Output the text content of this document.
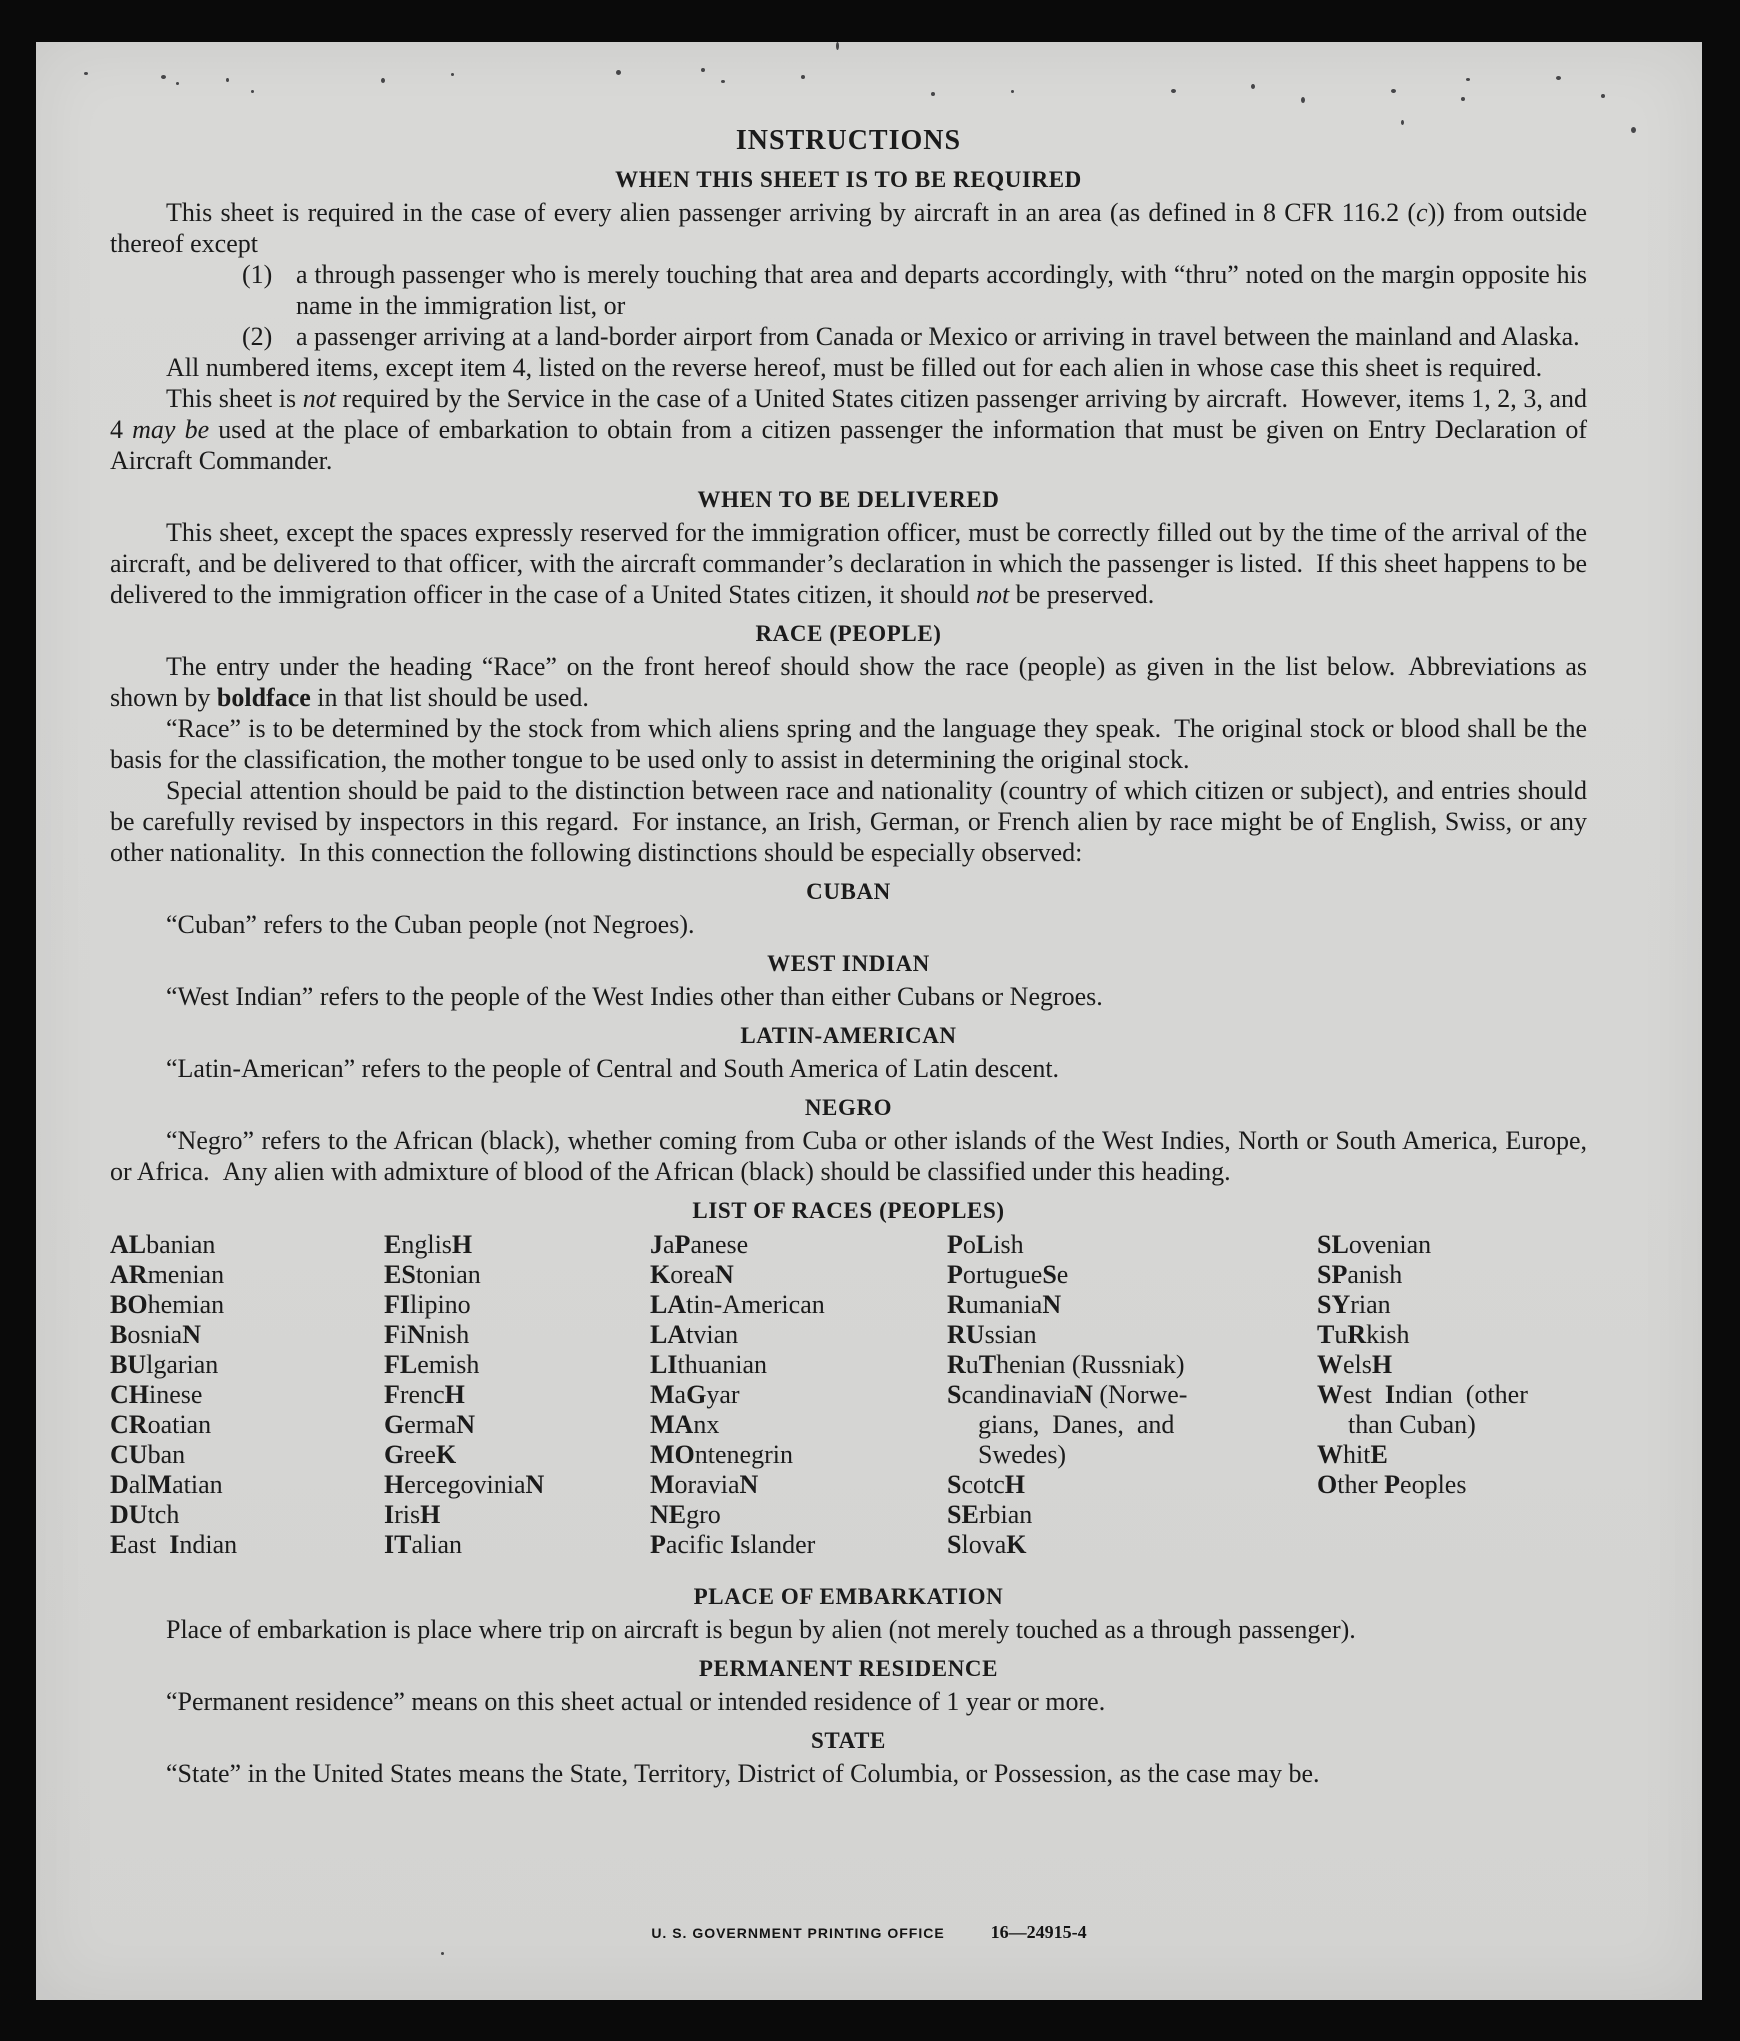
INSTRUCTIONS
WHEN THIS SHEET IS TO BE REQUIRED

This sheet is required in the case of every alien passenger arriving by aircraft in an area (as defined in 8 CFR 116.2 (c)) from outside thereof except

(1) a through passenger who is merely touching that area and departs accordingly, with “thru” noted on the margin opposite his name in the immigration list, or
(2) a passenger arriving at a land-border airport from Canada or Mexico or arriving in travel between the mainland and Alaska.

All numbered items, except item 4, listed on the reverse hereof, must be filled out for each alien in whose case this sheet is required.

This sheet is not required by the Service in the case of a United States citizen passenger arriving by aircraft. However, items 1, 2, 3, and 4 may be used at the place of embarkation to obtain from a citizen passenger the information that must be given on Entry Declaration of Aircraft Commander.

WHEN TO BE DELIVERED

This sheet, except the spaces expressly reserved for the immigration officer, must be correctly filled out by the time of the arrival of the aircraft, and be delivered to that officer, with the aircraft commander’s declaration in which the passenger is listed. If this sheet happens to be delivered to the immigration officer in the case of a United States citizen, it should not be preserved.

RACE (PEOPLE)

The entry under the heading “Race” on the front hereof should show the race (people) as given in the list below. Abbreviations as shown by boldface in that list should be used.

“Race” is to be determined by the stock from which aliens spring and the language they speak. The original stock or blood shall be the basis for the classification, the mother tongue to be used only to assist in determining the original stock.

Special attention should be paid to the distinction between race and nationality (country of which citizen or subject), and entries should be carefully revised by inspectors in this regard. For instance, an Irish, German, or French alien by race might be of English, Swiss, or any other nationality. In this connection the following distinctions should be especially observed:

CUBAN

“Cuban” refers to the Cuban people (not Negroes).

WEST INDIAN

“West Indian” refers to the people of the West Indies other than either Cubans or Negroes.

LATIN-AMERICAN

“Latin-American” refers to the people of Central and South America of Latin descent.

NEGRO

“Negro” refers to the African (black), whether coming from Cuba or other islands of the West Indies, North or South America, Europe, or Africa. Any alien with admixture of blood of the African (black) should be classified under this heading.

LIST OF RACES (PEOPLES)
ALbanian
ARmenian
BOhemian
BosniaN
BUlgarian
CHinese
CRoatian
CUban
DalMatian
DUtch
East  Indian
EnglisH
EStonian
FIlipino
FiNnish
FLemish
FrencH
GermaN
GreeK
HercegoviniaN
IrisH
ITalian
JaPanese
KoreaN
LAtin-American
LAtvian
LIthuanian
MaGyar
MAnx
MOntenegrin
MoraviaN
NEgro
Pacific Islander
PoLish
PortugueSe
RumaniaN
RUssian
RuThenian (Russniak)
ScandinaviaN (Norwe-
gians,  Danes,  and
Swedes)
ScotcH
SErbian
SlovaK
SLovenian
SPanish
SYrian
TuRkish
WelsH
West  Indian  (other
than Cuban)
WhitE
Other Peoples
PLACE OF EMBARKATION

Place of embarkation is place where trip on aircraft is begun by alien (not merely touched as a through passenger).

PERMANENT RESIDENCE

“Permanent residence” means on this sheet actual or intended residence of 1 year or more.

STATE

“State” in the United States means the State, Territory, District of Columbia, or Possession, as the case may be.

U. S. GOVERNMENT PRINTING OFFICE	16—24915-4
